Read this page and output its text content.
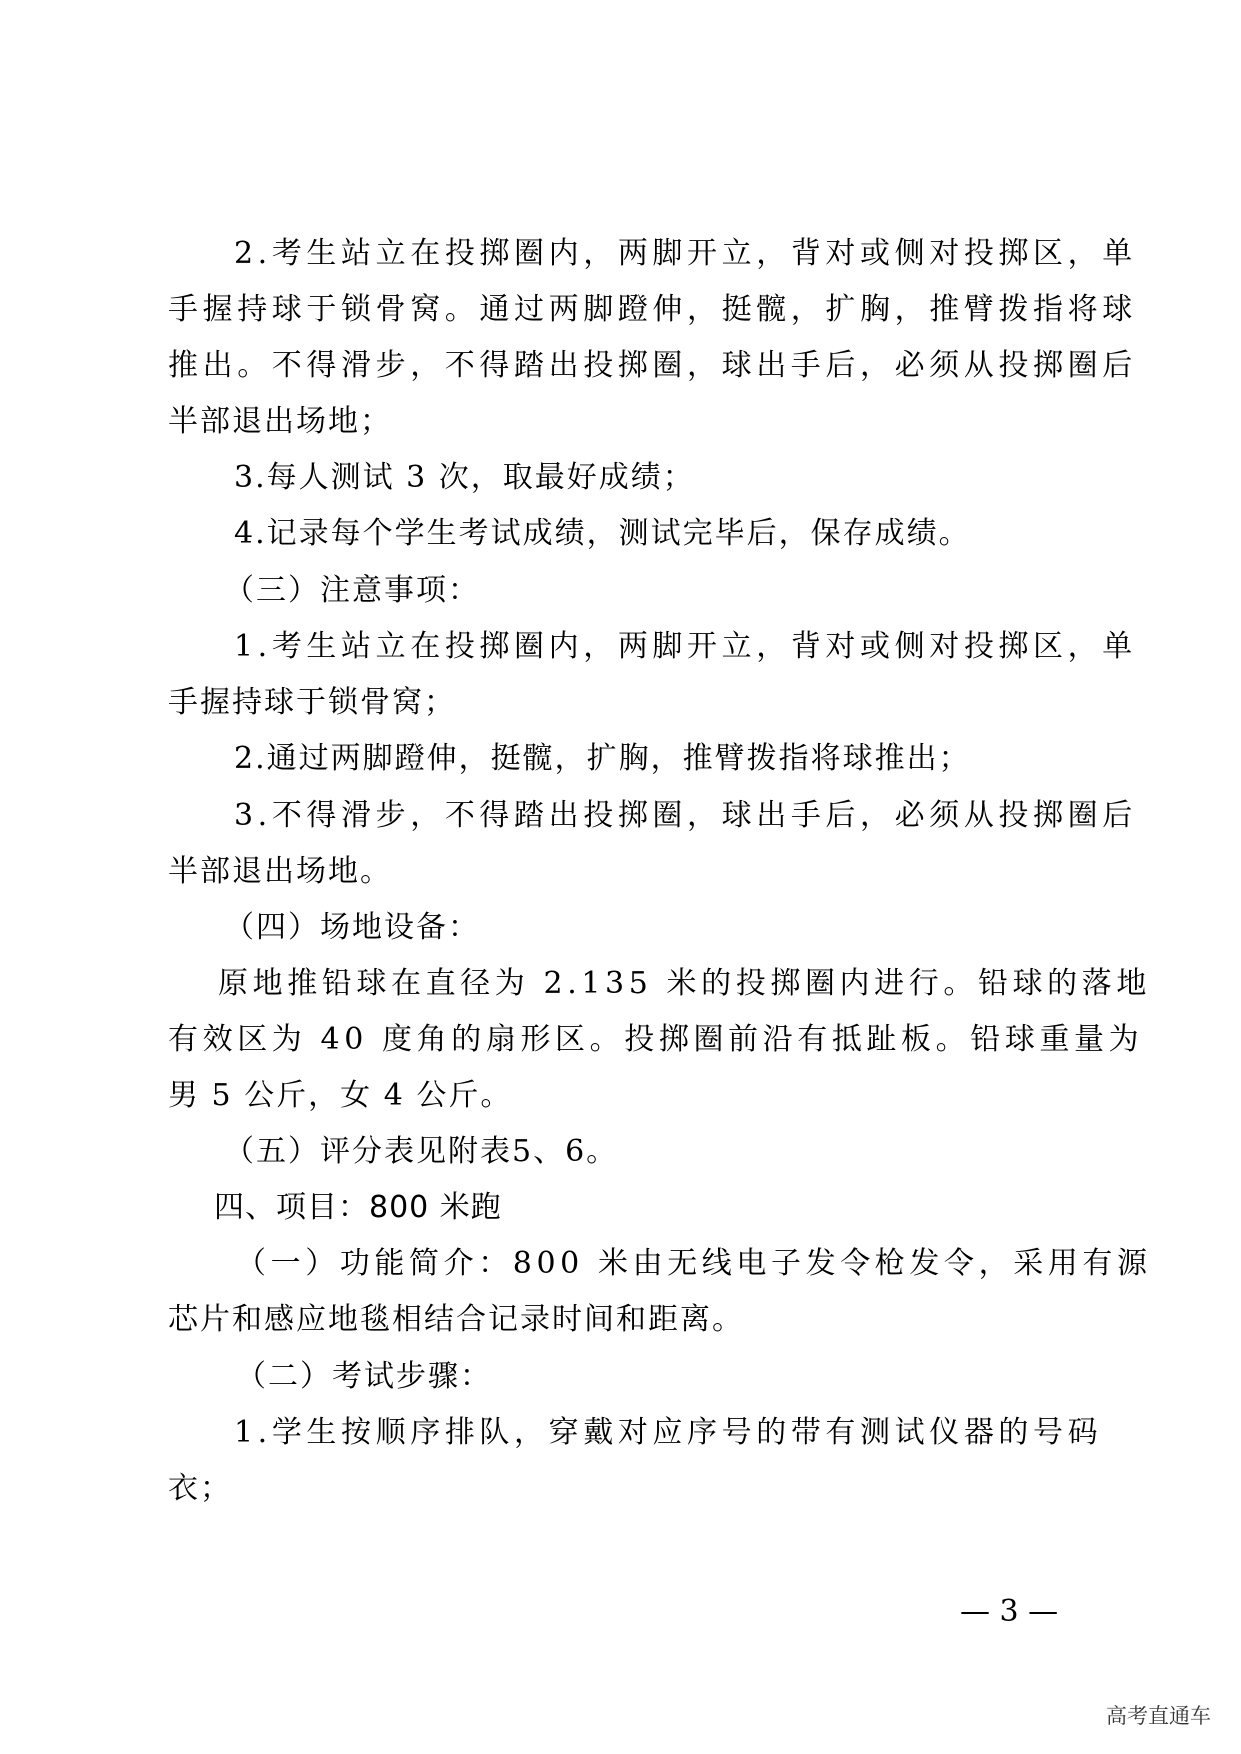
2.考生站立在投掷圈内，两脚开立，背对或侧对投掷区，单
手握持球于锁骨窝。通过两脚蹬伸，挺髋，扩胸，推臂拨指将球
推出。不得滑步，不得踏出投掷圈，球出手后，必须从投掷圈后
半部退出场地；
3.每人测试 3 次，取最好成绩；
4.记录每个学生考试成绩，测试完毕后，保存成绩。
（三）注意事项：
1.考生站立在投掷圈内，两脚开立，背对或侧对投掷区，单
手握持球于锁骨窝；
2.通过两脚蹬伸，挺髋，扩胸，推臂拨指将球推出；
3.不得滑步，不得踏出投掷圈，球出手后，必须从投掷圈后
半部退出场地。
（四）场地设备：
原地推铅球在直径为 2.135 米的投掷圈内进行。铅球的落地
有效区为 40 度角的扇形区。投掷圈前沿有抵趾板。铅球重量为
男 5 公斤，女 4 公斤。
（五）评分表见附表5、6。
四、项目：800 米跑
（一）功能简介：800 米由无线电子发令枪发令，采用有源
芯片和感应地毯相结合记录时间和距离。
（二）考试步骤：
1.学生按顺序排队，穿戴对应序号的带有测试仪器的号码
衣；
— 3 —
高考直通车
